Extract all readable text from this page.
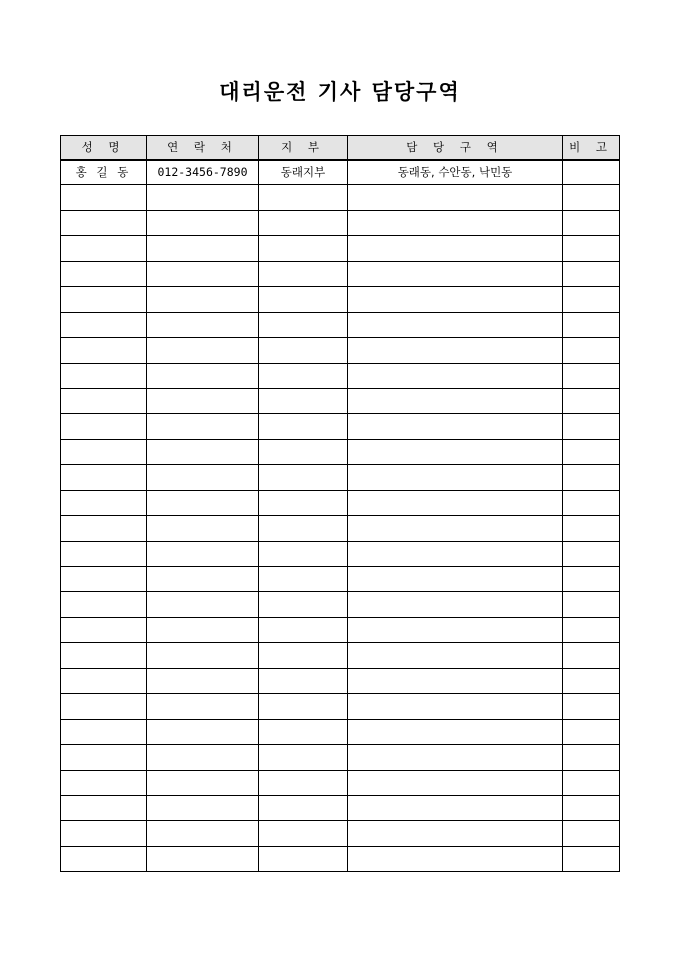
대리운전 기사 담당구역
성 명	연 락 처	지 부	담 당 구 역	비 고
홍 길 동	012-3456-7890	동래지부	동래동, 수안동, 낙민동	
